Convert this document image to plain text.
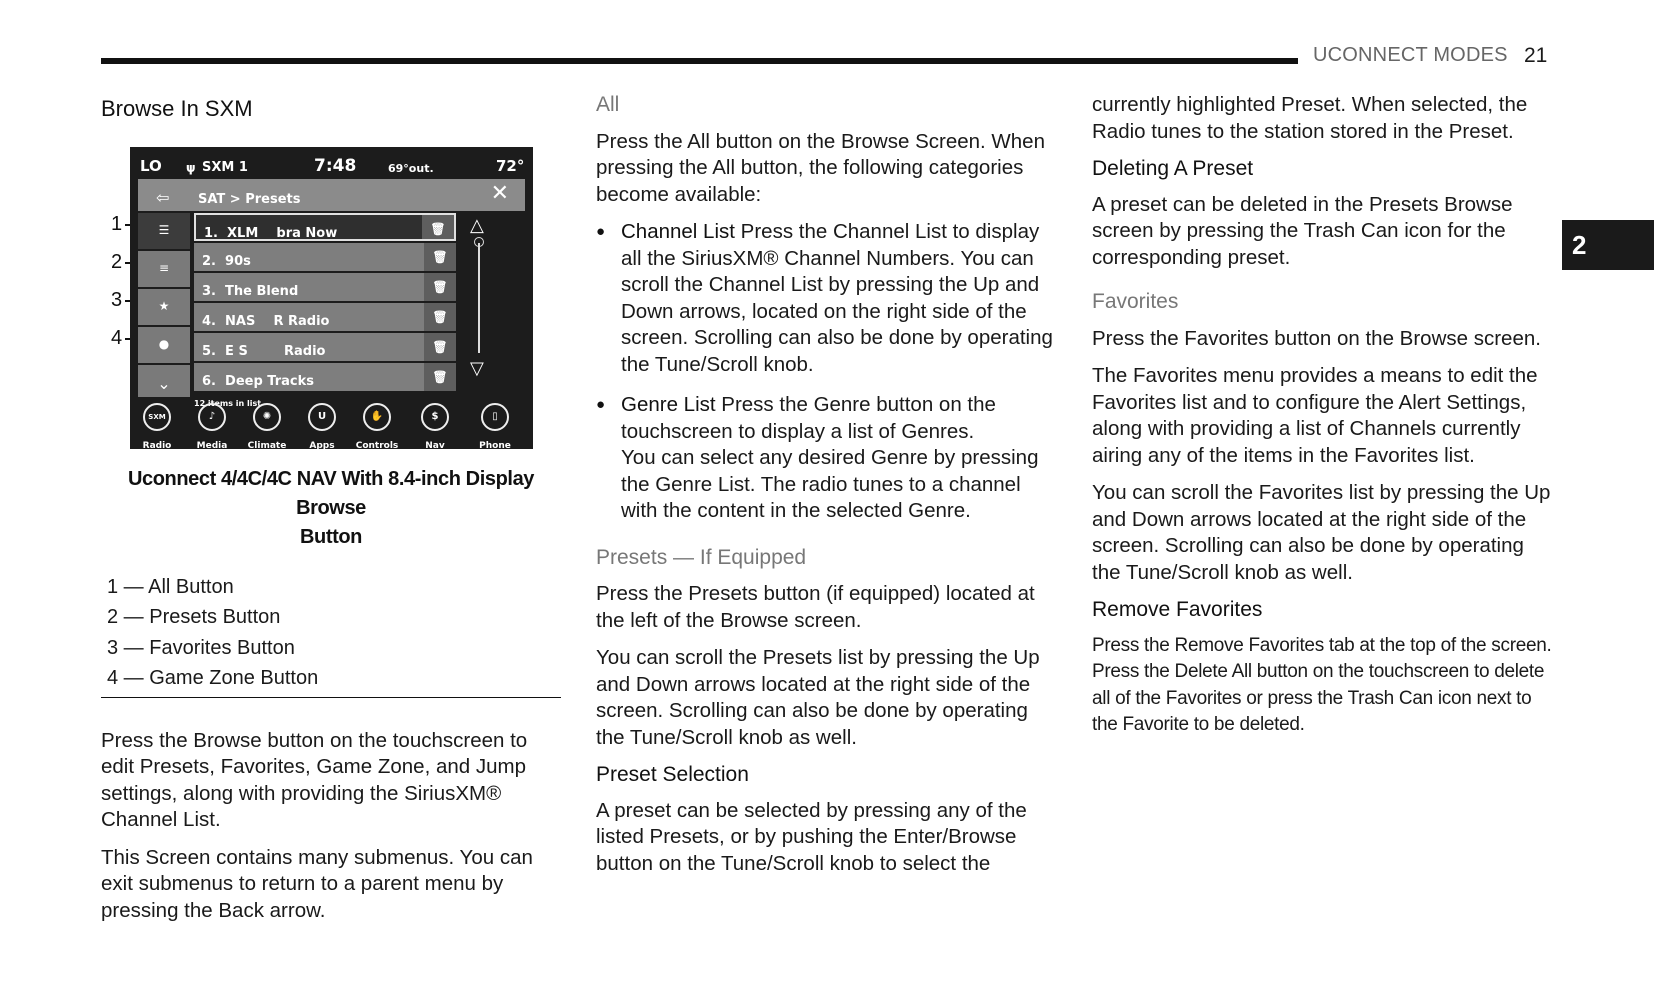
UCONNECT MODES 21
2
Browse In SXM
1
2
3
4
LO ψ SXM 1	7:48	69°out.	72°
⇦ SAT > Presets	✕
☰
≡
★
●
⌄
1.  XLM    bra Now	🗑
2.  90s	🗑
3.  The Blend	🗑
4.  NAS    R Radio	🗑
5.  E S        Radio	🗑
6.  Deep Tracks	🗑
△
▽
12 items in list
SXM
Radio
♪
Media
✺
Climate
U
Apps
✋
Controls
$
Nav
▯
Phone
Uconnect 4/4C/4C NAV With 8.4-inch Display Browse
Button
1 — All Button
2 — Presets Button
3 — Favorites Button
4 — Game Zone Button

Press the Browse button on the touchscreen to edit Presets, Favorites, Game Zone, and Jump settings, along with providing the SiriusXM® Channel List.

This Screen contains many submenus. You can exit submenus to return to a parent menu by pressing the Back arrow.

All

Press the All button on the Browse Screen. When pressing the All button, the following categories become available:

● Channel List Press the Channel List to display all the SiriusXM® Channel Numbers. You can scroll the Channel List by pressing the Up and Down arrows, located on the right side of the screen. Scrolling can also be done by operating the Tune/Scroll knob.
● Genre List Press the Genre button on the touchscreen to display a list of Genres.
You can select any desired Genre by pressing the Genre List. The radio tunes to a channel with the content in the selected Genre.
Presets — If Equipped

Press the Presets button (if equipped) located at the left of the Browse screen.

You can scroll the Presets list by pressing the Up and Down arrows located at the right side of the screen. Scrolling can also be done by operating the Tune/Scroll knob as well.

Preset Selection

A preset can be selected by pressing any of the listed Presets, or by pushing the Enter/Browse button on the Tune/Scroll knob to select the

currently highlighted Preset. When selected, the Radio tunes to the station stored in the Preset.

Deleting A Preset

A preset can be deleted in the Presets Browse screen by pressing the Trash Can icon for the corresponding preset.

Favorites

Press the Favorites button on the Browse screen.

The Favorites menu provides a means to edit the Favorites list and to configure the Alert Settings, along with providing a list of Channels currently airing any of the items in the Favorites list.

You can scroll the Favorites list by pressing the Up and Down arrows located at the right side of the screen. Scrolling can also be done by operating the Tune/Scroll knob as well.

Remove Favorites

Press the Remove Favorites tab at the top of the screen. Press the Delete All button on the touchscreen to delete all of the Favorites or press the Trash Can icon next to the Favorite to be deleted.
